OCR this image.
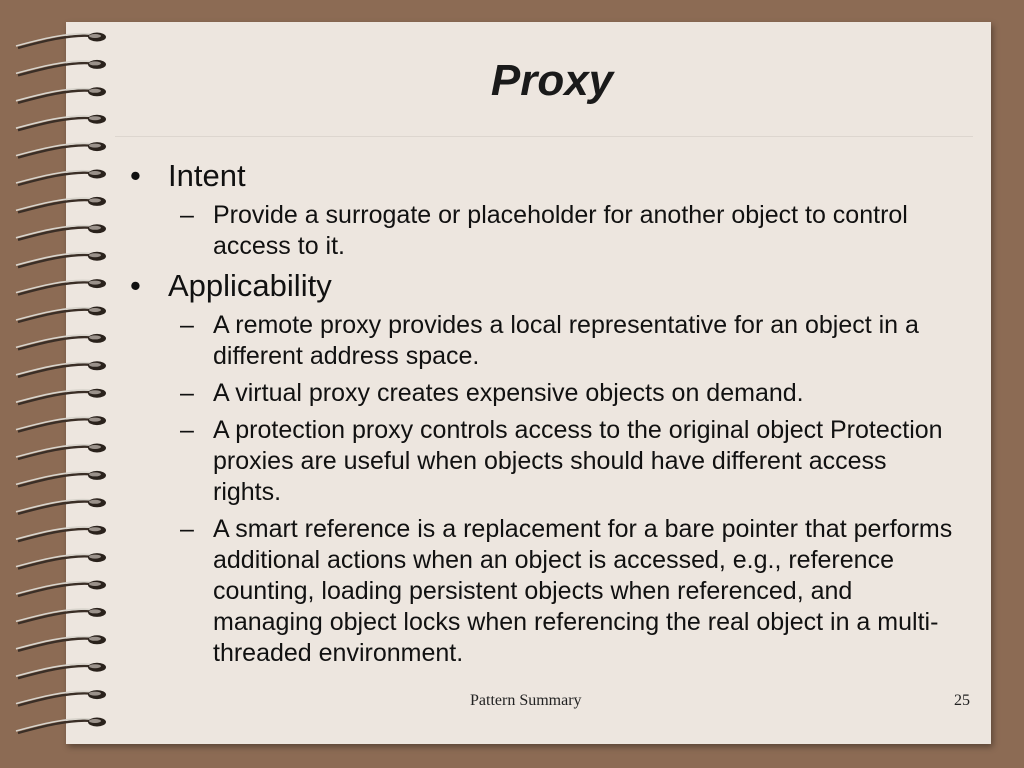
Proxy
• Intent
– Provide a surrogate or placeholder for another object to control access to it.
• Applicability
– A remote proxy provides a local representative for an object in a different address space.
– A virtual proxy creates expensive objects on demand.
– A protection proxy controls access to the original object Protection proxies are useful when objects should have different access rights.
– A smart reference is a replacement for a bare pointer that performs additional actions when an object is accessed, e.g., reference counting, loading persistent objects when referenced, and managing object locks when referencing the real object in a multi-threaded environment.
Pattern Summary	25
